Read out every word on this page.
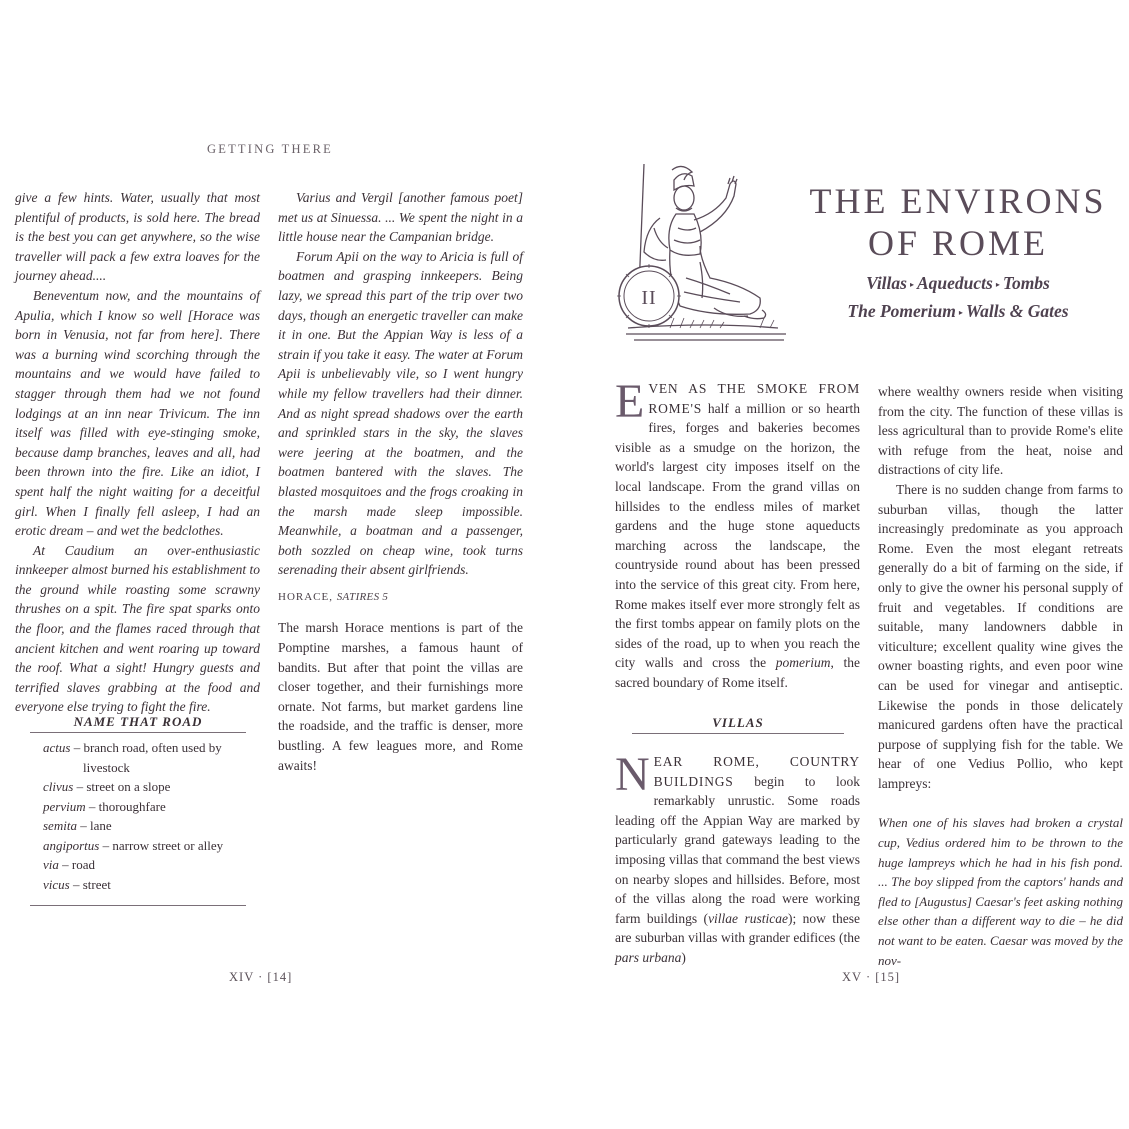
GETTING THERE

give a few hints. Water, usually that most plentiful of products, is sold here. The bread is the best you can get anywhere, so the wise traveller will pack a few extra loaves for the journey ahead....

Beneventum now, and the mountains of Apulia, which I know so well [Horace was born in Venusia, not far from here]. There was a burning wind scorching through the mountains and we would have failed to stagger through them had we not found lodgings at an inn near Trivicum. The inn itself was filled with eye-stinging smoke, because damp branches, leaves and all, had been thrown into the fire. Like an idiot, I spent half the night waiting for a deceitful girl. When I finally fell asleep, I had an erotic dream – and wet the bedclothes.

At Caudium an over-enthusiastic innkeeper almost burned his establishment to the ground while roasting some scrawny thrushes on a spit. The fire spat sparks onto the floor, and the flames raced through that ancient kitchen and went roaring up toward the roof. What a sight! Hungry guests and terrified slaves grabbing at the food and everyone else trying to fight the fire.

Varius and Vergil [another famous poet] met us at Sinuessa. ... We spent the night in a little house near the Campanian bridge.

Forum Apii on the way to Aricia is full of boatmen and grasping innkeepers. Being lazy, we spread this part of the trip over two days, though an energetic traveller can make it in one. But the Appian Way is less of a strain if you take it easy. The water at Forum Apii is unbelievably vile, so I went hungry while my fellow travellers had their dinner. And as night spread shadows over the earth and sprinkled stars in the sky, the slaves were jeering at the boatmen, and the boatmen bantered with the slaves. The blasted mosquitoes and the frogs croaking in the marsh made sleep impossible. Meanwhile, a boatman and a passenger, both sozzled on cheap wine, took turns serenading their absent girlfriends.

HORACE, SATIRES 5

The marsh Horace mentions is part of the Pomptine marshes, a famous haunt of bandits. But after that point the villas are closer together, and their furnishings more ornate. Not farms, but market gardens line the roadside, and the traffic is denser, more bustling. A few leagues more, and Rome awaits!

NAME THAT ROAD
actus – branch road, often used by livestock
clivus – street on a slope
pervium – thoroughfare
semita – lane
angiportus – narrow street or alley
via – road
vicus – street
XIV · [14]
II
THE ENVIRONS
OF ROME
Villas ▸ Aqueducts ▸ Tombs
The Pomerium ▸ Walls & Gates

EVEN AS THE SMOKE FROM ROME'S half a million or so hearth fires, forges and bakeries becomes visible as a smudge on the horizon, the world's largest city imposes itself on the local landscape. From the grand villas on hillsides to the endless miles of market gardens and the huge stone aqueducts marching across the landscape, the countryside round about has been pressed into the service of this great city. From here, Rome makes itself ever more strongly felt as the first tombs appear on family plots on the sides of the road, up to when you reach the city walls and cross the pomerium, the sacred boundary of Rome itself.

VILLAS

NEAR ROME, COUNTRY BUILDINGS begin to look remarkably unrustic. Some roads leading off the Appian Way are marked by particularly grand gateways leading to the imposing villas that command the best views on nearby slopes and hillsides. Before, most of the villas along the road were working farm buildings (villae rusticae); now these are suburban villas with grander edifices (the pars urbana)

where wealthy owners reside when visiting from the city. The function of these villas is less agricultural than to provide Rome's elite with refuge from the heat, noise and distractions of city life.

There is no sudden change from farms to suburban villas, though the latter increasingly predominate as you approach Rome. Even the most elegant retreats generally do a bit of farming on the side, if only to give the owner his personal supply of fruit and vegetables. If conditions are suitable, many landowners dabble in viticulture; excellent quality wine gives the owner boasting rights, and even poor wine can be used for vinegar and antiseptic. Likewise the ponds in those delicately manicured gardens often have the practical purpose of supplying fish for the table. We hear of one Vedius Pollio, who kept lampreys:

When one of his slaves had broken a crystal cup, Vedius ordered him to be thrown to the huge lampreys which he had in his fish pond. ... The boy slipped from the captors' hands and fled to [Augustus] Caesar's feet asking nothing else other than a different way to die – he did not want to be eaten. Caesar was moved by the nov-

XV · [15]
